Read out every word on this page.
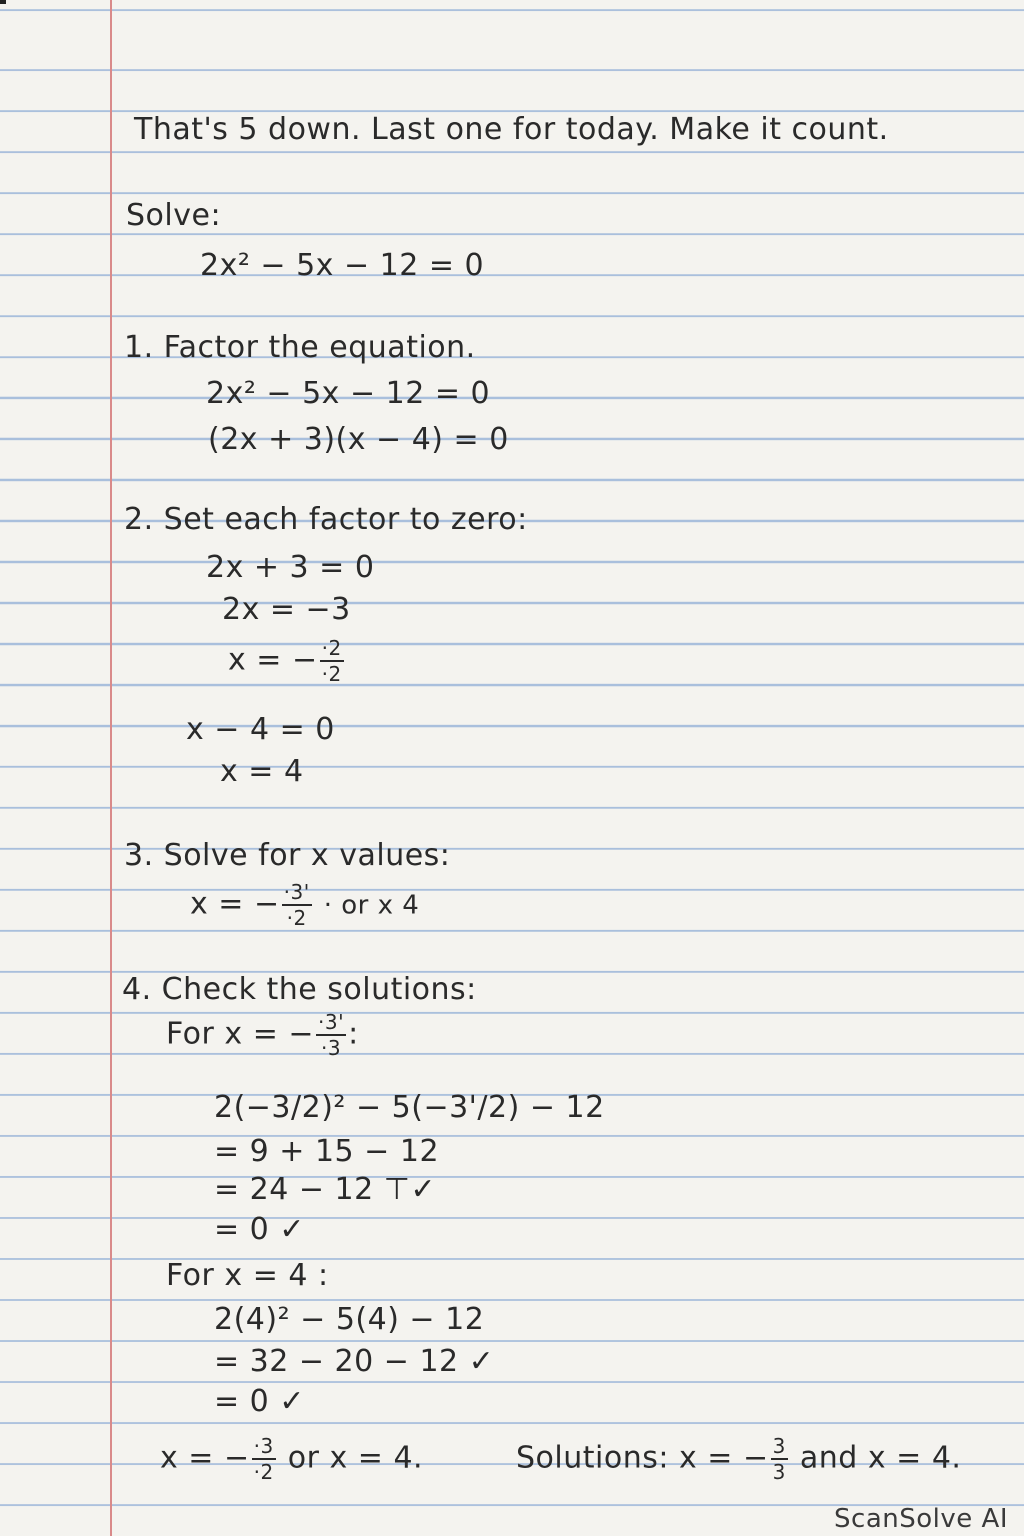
That's 5 down. Last one for today. Make it count.
Solve:
2x² − 5x − 12 = 0
1. Factor the equation.
2x² − 5x − 12 = 0
(2x + 3)(x − 4) = 0
2. Set each factor to zero:
2x + 3 = 0
2x = −3
x = − $\frac{\cdot 2}{\cdot 2}$
x − 4 = 0
x = 4
3. Solve for x values:
x = − $\frac{\cdot 3'}{\cdot 2}$ · or x 4
4. Check the solutions:
For x = − $\frac{\cdot 3'}{\cdot 3}$ :
2(−3/2)² − 5(−3'/2) − 12
= 9 + 15 − 12
= 24 − 12 ⊤✓
= 0 ✓
For x = 4 :
2(4)² − 5(4) − 12
= 32 − 20 − 12 ✓
= 0 ✓
x = − $\frac{\cdot 3}{\cdot 2}$ or x = 4.	Solutions: x = − $\frac{3}{3}$ and x = 4.
ScanSolve AI
